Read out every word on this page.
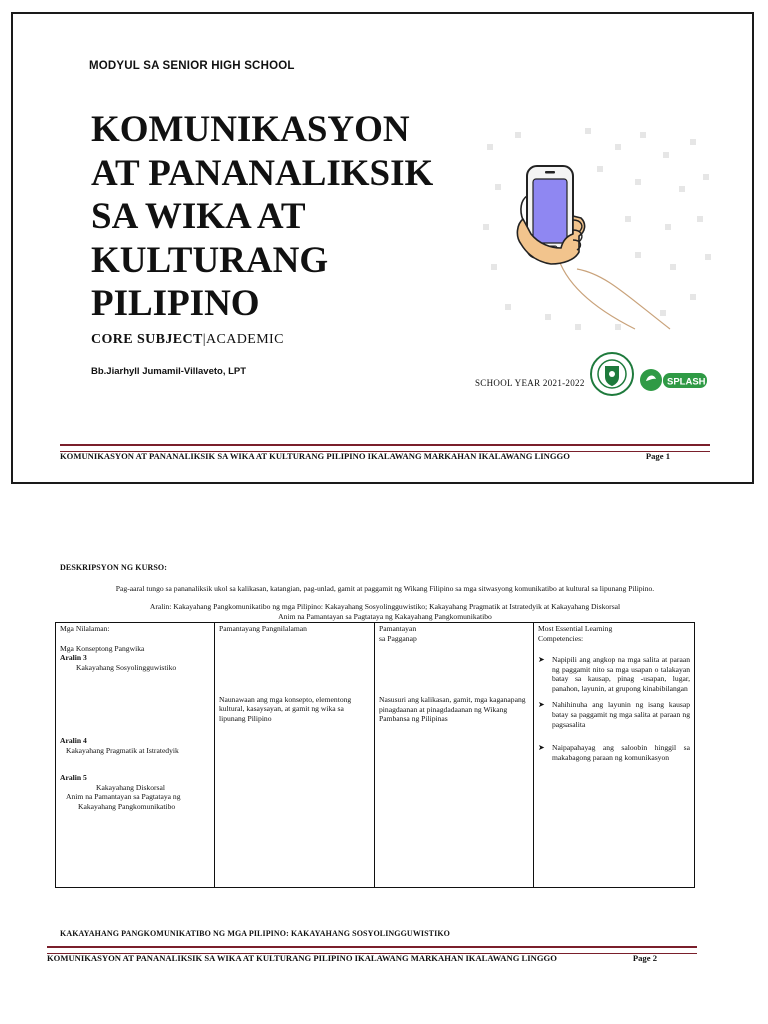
MODYUL SA SENIOR HIGH SCHOOL
KOMUNIKASYON
AT PANANALIKSIK
SA WIKA AT
KULTURANG
PILIPINO
CORE SUBJECT|ACADEMIC
Bb.Jiarhyll Jumamil-Villaveto, LPT
SCHOOL YEAR 2021-2022	SPLASH
KOMUNIKASYON AT PANANALIKSIK SA WIKA AT KULTURANG PILIPINO IKALAWANG MARKAHAN IKALAWANG LINGGO	Page 1
DESKRIPSYON NG KURSO:
Pag-aaral tungo sa pananaliksik ukol sa kalikasan, katangian, pag-unlad, gamit at paggamit ng Wikang Filipino sa mga sitwasyong komunikatibo at kultural sa lipunang Pilipino.
Aralin: Kakayahang Pangkomunikatibo ng mga Pilipino: Kakayahang Sosyolingguwistiko; Kakayahang Pragmatik at Istratedyik at Kakayahang Diskorsal
Anim na Pamantayan sa Pagtataya ng Kakayahang Pangkomunikatibo
Mga Nilalaman:
Mga Konseptong Pangwika
Aralin 3
Kakayahang Sosyolingguwistiko
Aralin 4
Kakayahang Pragmatik at Istratedyik
Aralin 5
Kakayahang Diskorsal
Anim na Pamantayan sa Pagtataya ng
Kakayahang Pangkomunikatibo

Pamantayang Pangnilalaman
Naunawaan ang mga konsepto, elementong kultural, kasaysayan, at gamit ng wika sa lipunang Pilipino

Pamantayan
sa Pagganap
Nasusuri ang kalikasan, gamit, mga kaganapang pinagdaanan at pinagdadaanan ng Wikang Pambansa ng Pilipinas

Most Essential Learning
Competencies:
➤ Napipili ang angkop na mga salita at paraan ng paggamit nito sa mga usapan o talakayan batay sa kausap, pinag -usapan, lugar, panahon, layunin, at grupong kinabibilangan
➤ Nahihinuha ang layunin ng isang kausap batay sa paggamit ng mga salita at paraan ng pagsasalita
➤ Naipapahayag ang saloobin hinggil sa makabagong paraan ng komunikasyon
KAKAYAHANG PANGKOMUNIKATIBO NG MGA PILIPINO: KAKAYAHANG SOSYOLINGGUWISTIKO
KOMUNIKASYON AT PANANALIKSIK SA WIKA AT KULTURANG PILIPINO IKALAWANG MARKAHAN IKALAWANG LINGGO	Page 2
